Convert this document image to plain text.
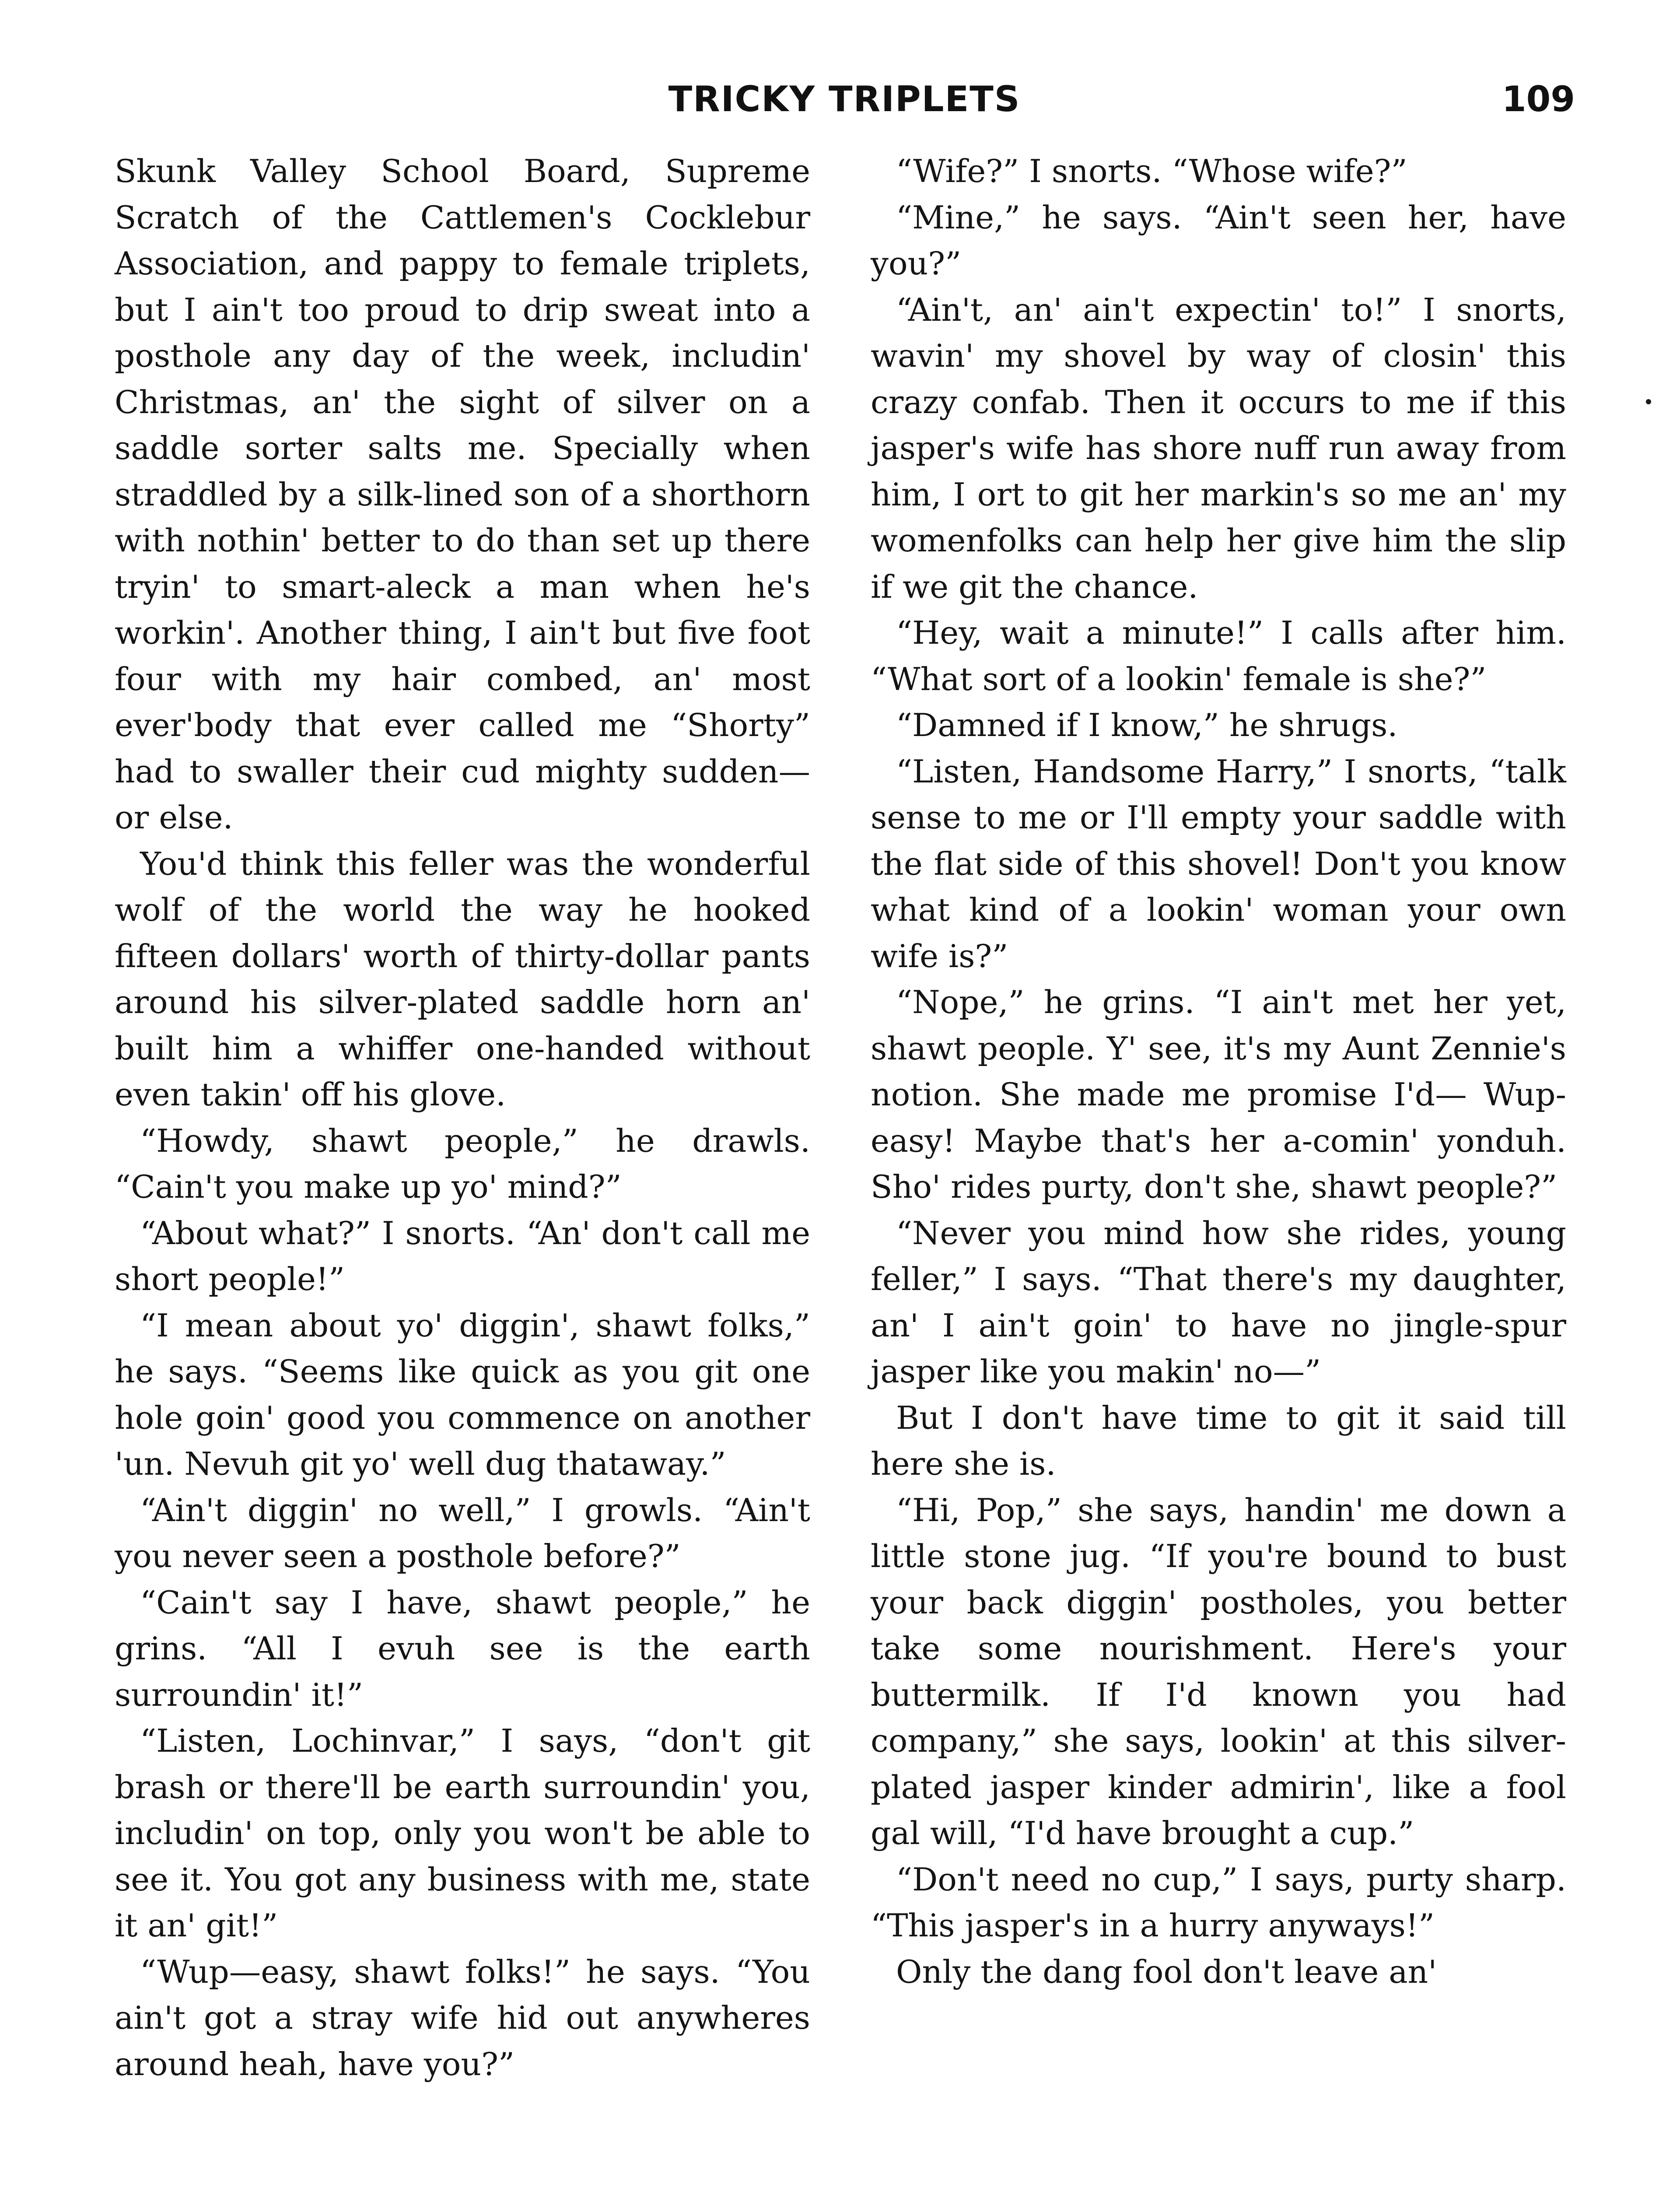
TRICKY TRIPLETS	109

Skunk Valley School Board, Supreme Scratch of the Cattlemen's Cocklebur Association, and pappy to female triplets, but I ain't too proud to drip sweat into a posthole any day of the week, includin' Christmas, an' the sight of silver on a saddle sorter salts me. Specially when straddled by a silk-lined son of a shorthorn with nothin' better to do than set up there tryin' to smart-aleck a man when he's workin'. Another thing, I ain't but five foot four with my hair combed, an' most ever'body that ever called me “Shorty” had to swaller their cud mighty sudden—or else.

You'd think this feller was the wonderful wolf of the world the way he hooked fifteen dollars' worth of thirty-dollar pants around his silver-plated saddle horn an' built him a whiffer one-handed without even takin' off his glove.

“Howdy, shawt people,” he drawls. “Cain't you make up yo' mind?”

“About what?” I snorts. “An' don't call me short people!”

“I mean about yo' diggin', shawt folks,” he says. “Seems like quick as you git one hole goin' good you commence on another 'un. Nevuh git yo' well dug thataway.”

“Ain't diggin' no well,” I growls. “Ain't you never seen a posthole before?”

“Cain't say I have, shawt people,” he grins. “All I evuh see is the earth surroundin' it!”

“Listen, Lochinvar,” I says, “don't git brash or there'll be earth surroundin' you, includin' on top, only you won't be able to see it. You got any business with me, state it an' git!”

“Wup—easy, shawt folks!” he says. “You ain't got a stray wife hid out anywheres around heah, have you?”

“Wife?” I snorts. “Whose wife?”

“Mine,” he says. “Ain't seen her, have you?”

“Ain't, an' ain't expectin' to!” I snorts, wavin' my shovel by way of closin' this crazy confab. Then it occurs to me if this jasper's wife has shore nuff run away from him, I ort to git her markin's so me an' my womenfolks can help her give him the slip if we git the chance.

“Hey, wait a minute!” I calls after him. “What sort of a lookin' female is she?”

“Damned if I know,” he shrugs.

“Listen, Handsome Harry,” I snorts, “talk sense to me or I'll empty your saddle with the flat side of this shovel! Don't you know what kind of a lookin' woman your own wife is?”

“Nope,” he grins. “I ain't met her yet, shawt people. Y' see, it's my Aunt Zennie's notion. She made me promise I'd— Wup-easy! Maybe that's her a-comin' yonduh. Sho' rides purty, don't she, shawt people?”

“Never you mind how she rides, young feller,” I says. “That there's my daughter, an' I ain't goin' to have no jingle-spur jasper like you makin' no—”

But I don't have time to git it said till here she is.

“Hi, Pop,” she says, handin' me down a little stone jug. “If you're bound to bust your back diggin' postholes, you better take some nourishment. Here's your buttermilk. If I'd known you had company,” she says, lookin' at this silver-plated jasper kinder admirin', like a fool gal will, “I'd have brought a cup.”

“Don't need no cup,” I says, purty sharp. “This jasper's in a hurry anyways!”

Only the dang fool don't leave an'
